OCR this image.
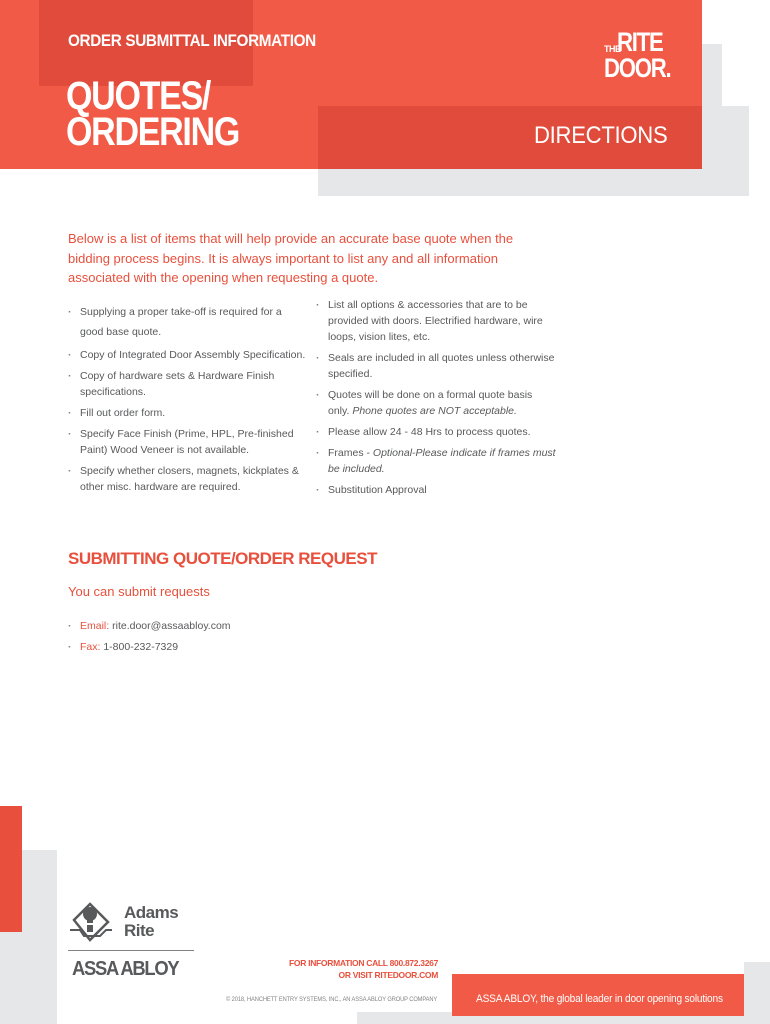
ORDER SUBMITTAL INFORMATION
QUOTES/
ORDERING	DIRECTIONS
THE
RITE
DOOR.
Below is a list of items that will help provide an accurate base quote when the bidding process begins. It is always important to list any and all information associated with the opening when requesting a quote.
· Supplying a proper take-off is required for a good base quote.
· Copy of Integrated Door Assembly Specification.
· Copy of hardware sets & Hardware Finish specifications.
· Fill out order form.
· Specify Face Finish (Prime, HPL, Pre-finished Paint) Wood Veneer is not available.
· Specify whether closers, magnets, kickplates & other misc. hardware are required.
· List all options & accessories that are to be provided with doors. Electrified hardware, wire loops, vision lites, etc.
· Seals are included in all quotes unless otherwise specified.
· Quotes will be done on a formal quote basis only. Phone quotes are NOT acceptable.
· Please allow 24 - 48 Hrs to process quotes.
· Frames - Optional-Please indicate if frames must be included.
· Substitution Approval
SUBMITTING QUOTE/ORDER REQUEST
You can submit requests
· Email: rite.door@assaabloy.com
· Fax: 1-800-232-7329
ASSA ABLOY, the global leader in door opening solutions
FOR INFORMATION CALL 800.872.3267
OR VISIT RITEDOOR.COM
© 2018, HANCHETT ENTRY SYSTEMS, INC., AN ASSA ABLOY GROUP COMPANY
Adams
Rite
ASSA ABLOY
